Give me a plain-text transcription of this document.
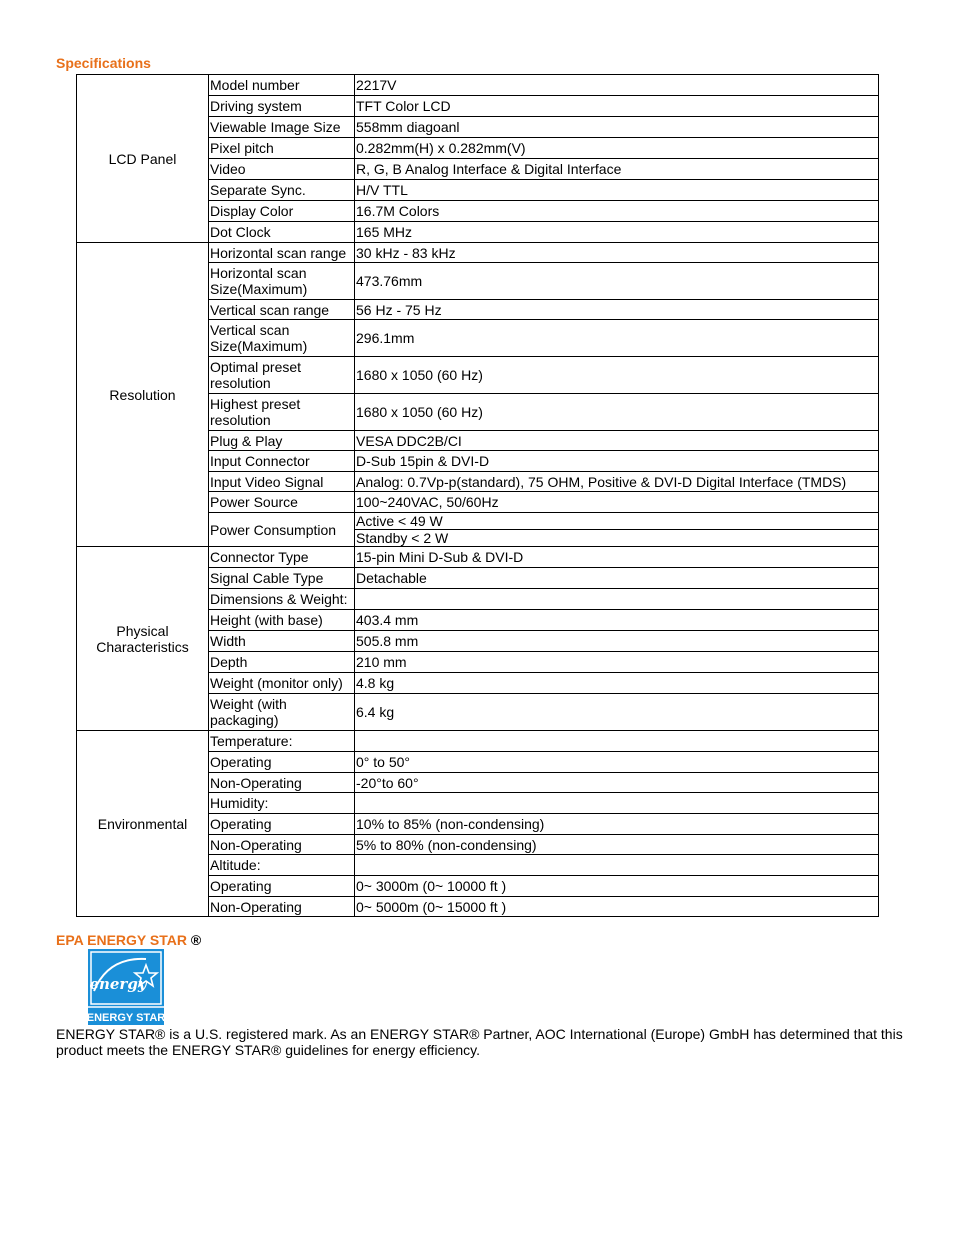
Specifications
LCD Panel	Model number	2217V
	Driving system	TFT Color LCD
	Viewable Image Size	558mm diagoanl
	Pixel pitch	0.282mm(H) x 0.282mm(V)
	Video	R, G, B Analog Interface & Digital Interface
	Separate Sync.	H/V TTL
	Display Color	16.7M Colors
	Dot Clock	165 MHz
Resolution	Horizontal scan range	30 kHz - 83 kHz
	Horizontal scan Size(Maximum)	473.76mm
	Vertical scan range	56 Hz - 75 Hz
	Vertical scan Size(Maximum)	296.1mm
	Optimal preset resolution	1680 x 1050 (60 Hz)
	Highest preset resolution	1680 x 1050 (60 Hz)
	Plug & Play	VESA DDC2B/CI
	Input Connector	D-Sub 15pin & DVI-D
	Input Video Signal	Analog: 0.7Vp-p(standard), 75 OHM, Positive & DVI-D Digital Interface (TMDS)
	Power Source	100~240VAC, 50/60Hz
	Power Consumption	Active < 49 W
		Standby < 2 W
Physical Characteristics	Connector Type	15-pin Mini D-Sub & DVI-D
	Signal Cable Type	Detachable
	Dimensions & Weight:	
	Height (with base)	403.4 mm
	Width	505.8 mm
	Depth	210 mm
	Weight (monitor only)	4.8 kg
	Weight (with packaging)	6.4 kg
Environmental	Temperature:	
	Operating	0° to 50°
	Non-Operating	-20°to 60°
	Humidity:	
	Operating	10% to 85% (non-condensing)
	Non-Operating	5% to 80% (non-condensing)
	Altitude:	
	Operating	0~ 3000m (0~ 10000 ft )
	Non-Operating	0~ 5000m (0~ 15000 ft )
EPA ENERGY STAR ®
energy
ENERGY STAR
ENERGY STAR® is a U.S. registered mark. As an ENERGY STAR® Partner, AOC International (Europe) GmbH has determined that this product meets the ENERGY STAR® guidelines for energy efficiency.
